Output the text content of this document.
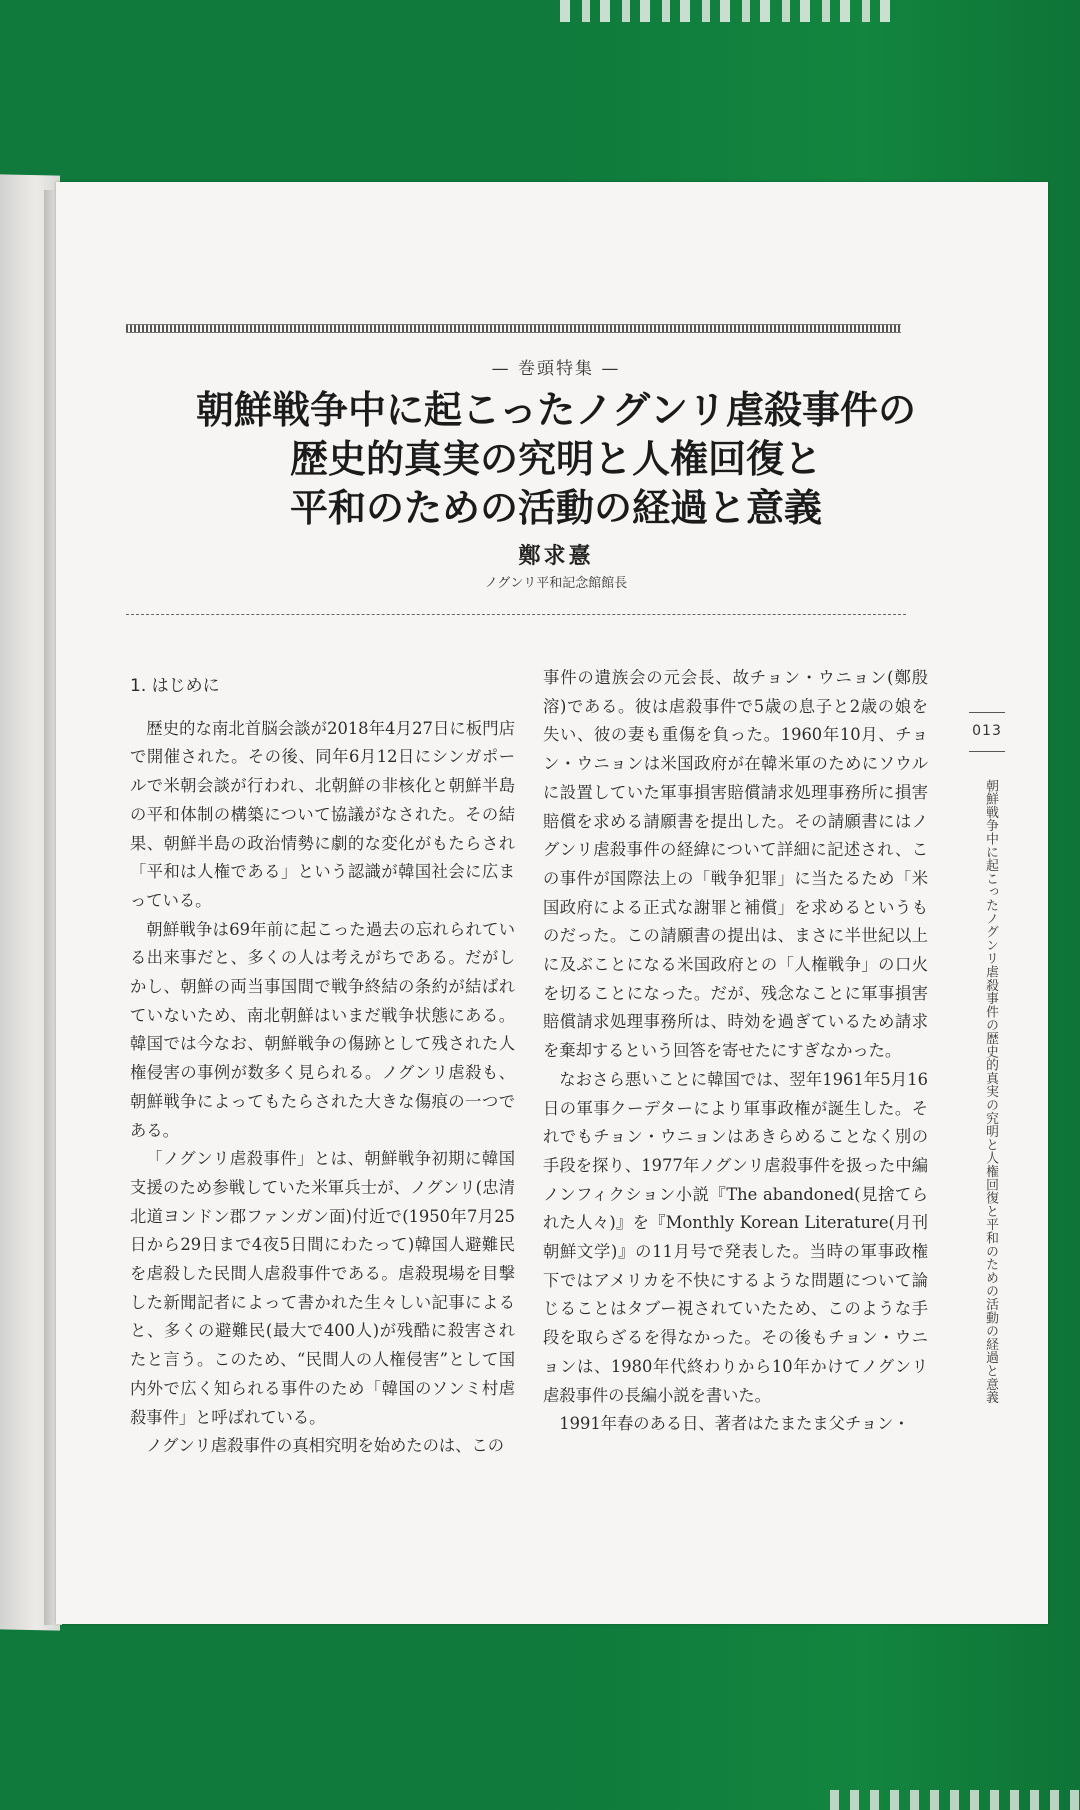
— 巻頭特集 —
朝鮮戦争中に起こったノグンリ虐殺事件の
歴史的真実の究明と人権回復と
平和のための活動の経過と意義
鄭求憙
ノグンリ平和記念館館長
1. はじめに

歴史的な南北首脳会談が2018年4月27日に板門店で開催された。その後、同年6月12日にシンガポールで米朝会談が行われ、北朝鮮の非核化と朝鮮半島の平和体制の構築について協議がなされた。その結果、朝鮮半島の政治情勢に劇的な変化がもたらされ「平和は人権である」という認識が韓国社会に広まっている。

朝鮮戦争は69年前に起こった過去の忘れられている出来事だと、多くの人は考えがちである。だがしかし、朝鮮の両当事国間で戦争終結の条約が結ばれていないため、南北朝鮮はいまだ戦争状態にある。韓国では今なお、朝鮮戦争の傷跡として残された人権侵害の事例が数多く見られる。ノグンリ虐殺も、朝鮮戦争によってもたらされた大きな傷痕の一つである。

「ノグンリ虐殺事件」とは、朝鮮戦争初期に韓国支援のため参戦していた米軍兵士が、ノグンリ(忠清北道ヨンドン郡ファンガン面)付近で(1950年7月25日から29日まで4夜5日間にわたって)韓国人避難民を虐殺した民間人虐殺事件である。虐殺現場を目撃した新聞記者によって書かれた生々しい記事によると、多くの避難民(最大で400人)が残酷に殺害されたと言う。このため、“民間人の人権侵害”として国内外で広く知られる事件のため「韓国のソンミ村虐殺事件」と呼ばれている。

ノグンリ虐殺事件の真相究明を始めたのは、この

事件の遺族会の元会長、故チョン・ウニョン(鄭殷溶)である。彼は虐殺事件で5歳の息子と2歳の娘を失い、彼の妻も重傷を負った。1960年10月、チョン・ウニョンは米国政府が在韓米軍のためにソウルに設置していた軍事損害賠償請求処理事務所に損害賠償を求める請願書を提出した。その請願書にはノグンリ虐殺事件の経緯について詳細に記述され、この事件が国際法上の「戦争犯罪」に当たるため「米国政府による正式な謝罪と補償」を求めるというものだった。この請願書の提出は、まさに半世紀以上に及ぶことになる米国政府との「人権戦争」の口火を切ることになった。だが、残念なことに軍事損害賠償請求処理事務所は、時効を過ぎているため請求を棄却するという回答を寄せたにすぎなかった。

なおさら悪いことに韓国では、翌年1961年5月16日の軍事クーデターにより軍事政権が誕生した。それでもチョン・ウニョンはあきらめることなく別の手段を探り、1977年ノグンリ虐殺事件を扱った中編ノンフィクション小説『The abandoned(見捨てられた人々)』を『Monthly Korean Literature(月刊朝鮮文学)』の11月号で発表した。当時の軍事政権下ではアメリカを不快にするような問題について論じることはタブー視されていたため、このような手段を取らざるを得なかった。その後もチョン・ウニョンは、1980年代終わりから10年かけてノグンリ虐殺事件の長編小説を書いた。

1991年春のある日、著者はたまたま父チョン・

013
朝鮮戦争中に起こったノグンリ虐殺事件の歴史的真実の究明と人権回復と平和のための活動の経過と意義
